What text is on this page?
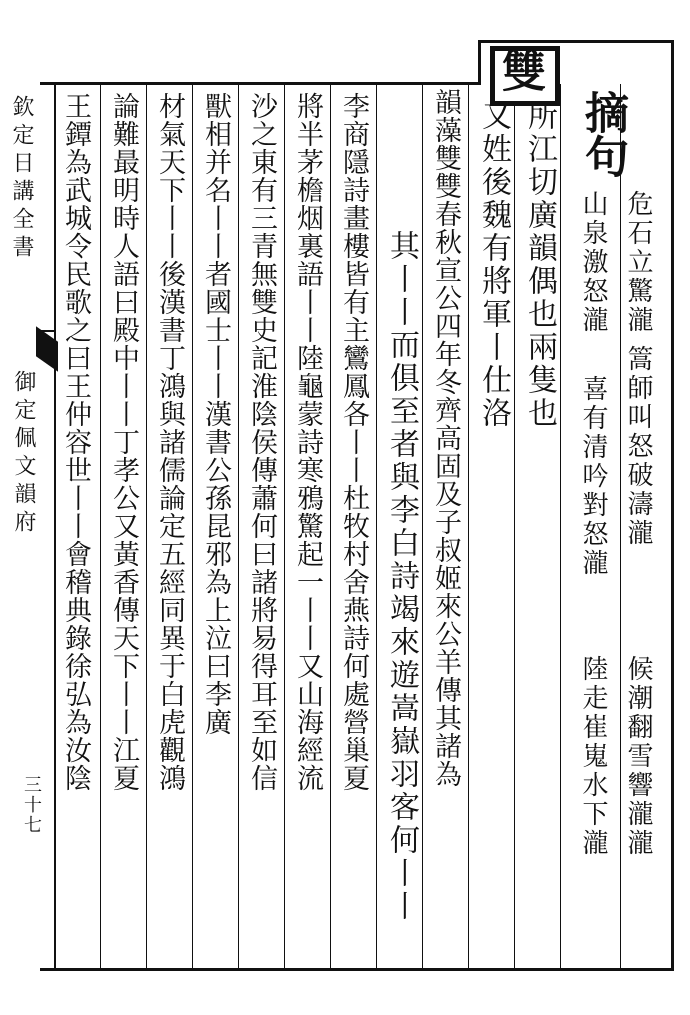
欽定日講全書
御定佩文韻府
三十七
雙
摘句
危石立驚瀧
山泉激怒瀧
篙師叫怒破濤瀧
喜有清吟對怒瀧
候潮翻雪響瀧瀧
陸走崔嵬水下瀧
所江切廣韻偶也兩隻也
又姓後魏有將軍丨仕洛
韻藻雙雙春秋宣公四年冬齊高固及子叔姬來公羊傳其諸為
其丨丨而俱至者與李白詩竭來遊嵩嶽羽客何丨丨
李商隱詩畫樓皆有主鸞鳳各丨丨杜牧村舍燕詩何處營巢夏
將半茅檐烟裏語丨丨陸龜蒙詩寒鴉驚起一丨丨又山海經流
沙之東有三青無雙史記淮陰侯傳蕭何曰諸將易得耳至如信
獸相并名丨丨者國士丨丨漢書公孫昆邪為上泣曰李廣
材氣天下丨丨後漢書丁鴻與諸儒論定五經同異于白虎觀鴻
論難最明時人語曰殿中丨丨丁孝公又黃香傳天下丨丨江夏
王鐔為武城令民歌之曰王仲容世丨丨會稽典錄徐弘為汝陰
